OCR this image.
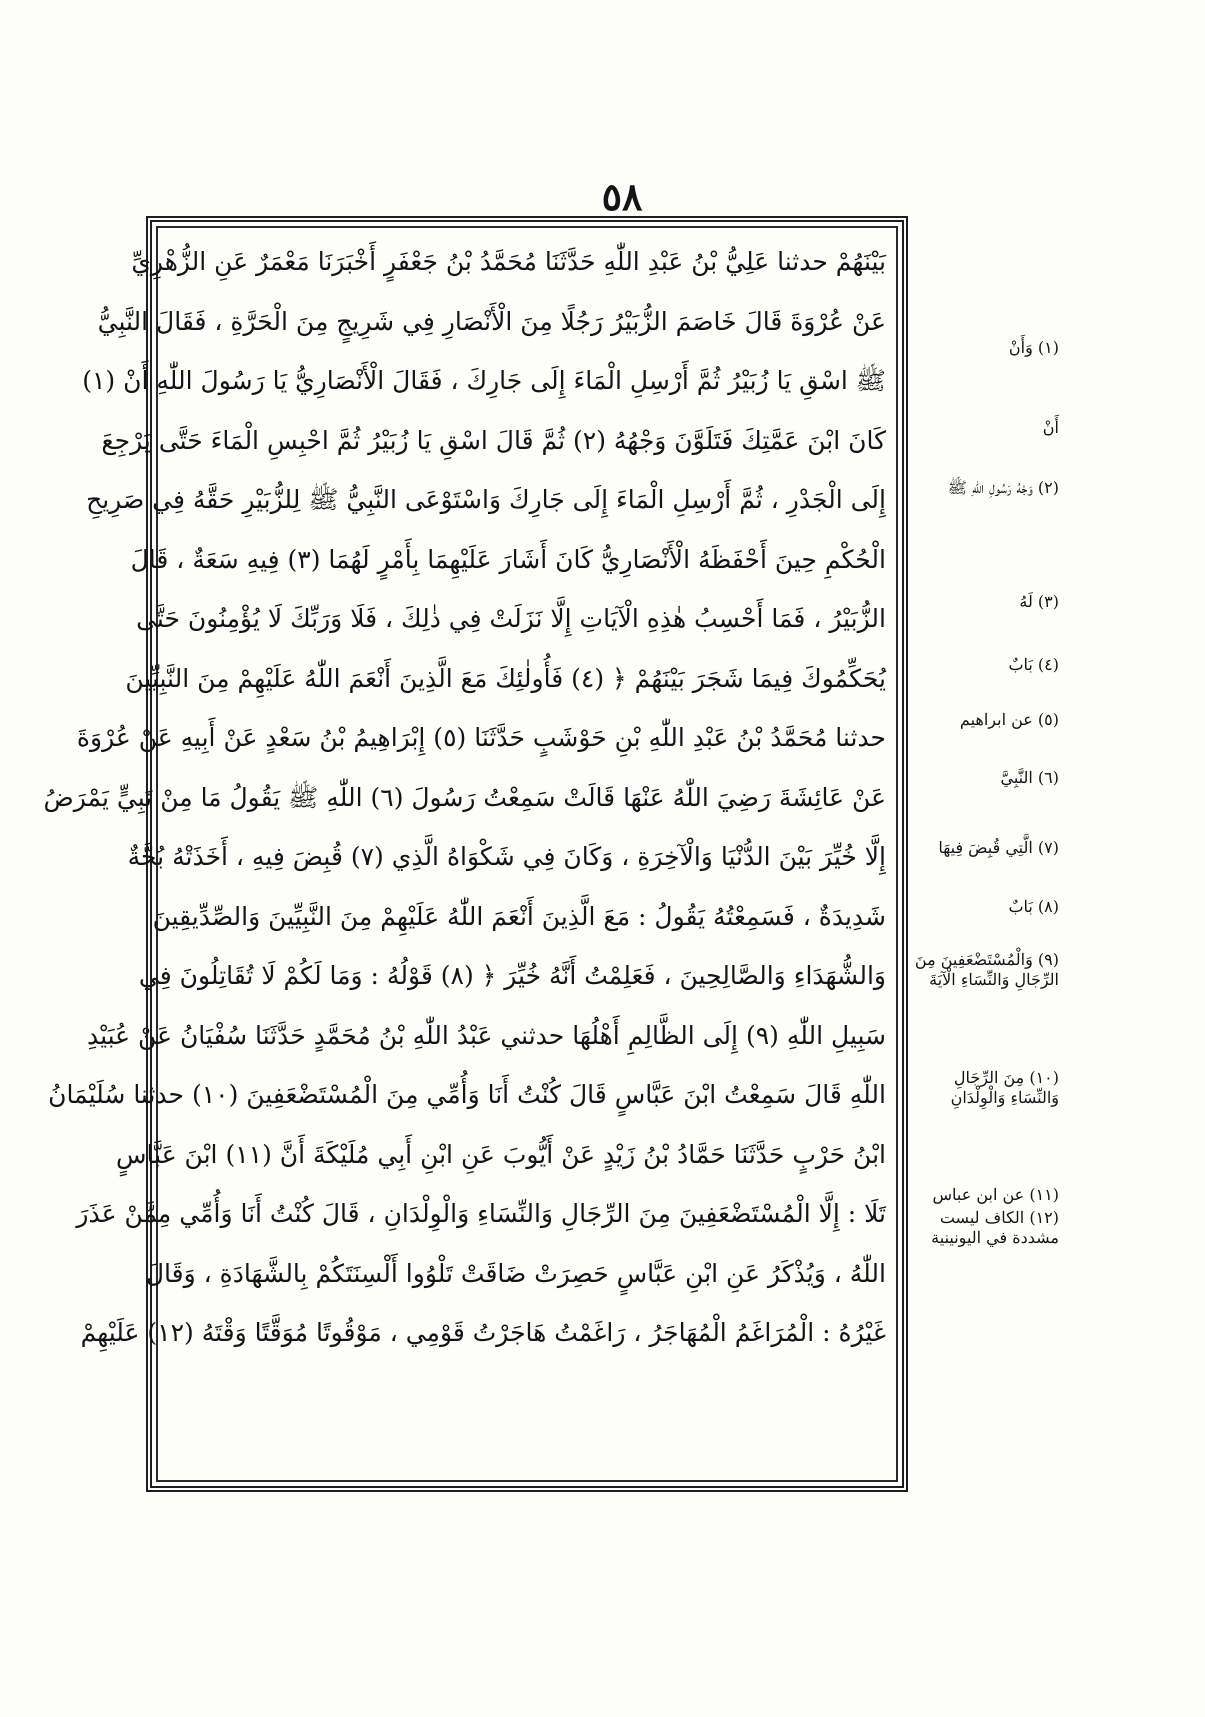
٥٨
بَيْنَهُمْ حدثنا عَلِيُّ بْنُ عَبْدِ اللّٰهِ حَدَّثَنَا مُحَمَّدُ بْنُ جَعْفَرٍ أَخْبَرَنَا مَعْمَرٌ عَنِ الزُّهْرِيِّ
عَنْ عُرْوَةَ قَالَ خَاصَمَ الزُّبَيْرُ رَجُلًا مِنَ الْأَنْصَارِ فِي شَرِيجٍ مِنَ الْحَرَّةِ ، فَقَالَ النَّبِيُّ
ﷺ اسْقِ يَا زُبَيْرُ ثُمَّ أَرْسِلِ الْمَاءَ إِلَى جَارِكَ ، فَقَالَ الْأَنْصَارِيُّ يَا رَسُولَ اللّٰهِ أَنْ (١)
كَانَ ابْنَ عَمَّتِكَ فَتَلَوَّنَ وَجْهُهُ (٢) ثُمَّ قَالَ اسْقِ يَا زُبَيْرُ ثُمَّ احْبِسِ الْمَاءَ حَتَّى يَرْجِعَ
إِلَى الْجَدْرِ ، ثُمَّ أَرْسِلِ الْمَاءَ إِلَى جَارِكَ وَاسْتَوْعَى النَّبِيُّ ﷺ لِلزُّبَيْرِ حَقَّهُ فِي صَرِيحِ
الْحُكْمِ حِينَ أَحْفَظَهُ الْأَنْصَارِيُّ كَانَ أَشَارَ عَلَيْهِمَا بِأَمْرٍ لَهُمَا (٣) فِيهِ سَعَةٌ ، قَالَ
الزُّبَيْرُ ، فَمَا أَحْسِبُ هٰذِهِ الْآيَاتِ إِلَّا نَزَلَتْ فِي ذٰلِكَ ، فَلَا وَرَبِّكَ لَا يُؤْمِنُونَ حَتَّى
يُحَكِّمُوكَ فِيمَا شَجَرَ بَيْنَهُمْ ﴿ (٤) فَأُولٰئِكَ مَعَ الَّذِينَ أَنْعَمَ اللّٰهُ عَلَيْهِمْ مِنَ النَّبِيِّينَ
حدثنا مُحَمَّدُ بْنُ عَبْدِ اللّٰهِ بْنِ حَوْشَبٍ حَدَّثَنَا (٥) إِبْرَاهِيمُ بْنُ سَعْدٍ عَنْ أَبِيهِ عَنْ عُرْوَةَ
عَنْ عَائِشَةَ رَضِيَ اللّٰهُ عَنْهَا قَالَتْ سَمِعْتُ رَسُولَ (٦) اللّٰهِ ﷺ يَقُولُ مَا مِنْ نَبِيٍّ يَمْرَضُ
إِلَّا خُيِّرَ بَيْنَ الدُّنْيَا وَالْآخِرَةِ ، وَكَانَ فِي شَكْوَاهُ الَّذِي (٧) قُبِضَ فِيهِ ، أَخَذَتْهُ بُحَّةٌ
شَدِيدَةٌ ، فَسَمِعْتُهُ يَقُولُ : مَعَ الَّذِينَ أَنْعَمَ اللّٰهُ عَلَيْهِمْ مِنَ النَّبِيِّينَ وَالصِّدِّيقِينَ
وَالشُّهَدَاءِ وَالصَّالِحِينَ ، فَعَلِمْتُ أَنَّهُ خُيِّرَ ﴿ (٨) قَوْلُهُ : وَمَا لَكُمْ لَا تُقَاتِلُونَ فِي
سَبِيلِ اللّٰهِ (٩) إِلَى الظَّالِمِ أَهْلُهَا حدثني عَبْدُ اللّٰهِ بْنُ مُحَمَّدٍ حَدَّثَنَا سُفْيَانُ عَنْ عُبَيْدِ
اللّٰهِ قَالَ سَمِعْتُ ابْنَ عَبَّاسٍ قَالَ كُنْتُ أَنَا وَأُمِّي مِنَ الْمُسْتَضْعَفِينَ (١٠) حدثنا سُلَيْمَانُ
ابْنُ حَرْبٍ حَدَّثَنَا حَمَّادُ بْنُ زَيْدٍ عَنْ أَيُّوبَ عَنِ ابْنِ أَبِي مُلَيْكَةَ أَنَّ (١١) ابْنَ عَبَّاسٍ
تَلَا : إِلَّا الْمُسْتَضْعَفِينَ مِنَ الرِّجَالِ وَالنِّسَاءِ وَالْوِلْدَانِ ، قَالَ كُنْتُ أَنَا وَأُمِّي مِمَّنْ عَذَرَ
اللّٰهُ ، وَيُذْكَرُ عَنِ ابْنِ عَبَّاسٍ حَصِرَتْ ضَاقَتْ تَلْوُوا أَلْسِنَتَكُمْ بِالشَّهَادَةِ ، وَقَالَ
غَيْرُهُ : الْمُرَاغَمُ الْمُهَاجَرُ ، رَاغَمْتُ هَاجَرْتُ قَوْمِي ، مَوْقُوتًا مُوَقَّتًا وَقْتَهُ (١٢) عَلَيْهِمْ
(١) وَأَنْ
أَنْ
(٢) وَجْهُ رَسُولِ اللّٰهِ ﷺ
(٣) لَهُ
(٤) بَابٌ
(٥) عن ابراهيم
(٦) النَّبِيَّ
(٧) الَّتِي قُبِضَ فِيهَا
(٨) بَابٌ
(٩) وَالْمُسْتَضْعَفِينَ مِنَ الرِّجَالِ وَالنِّسَاءِ الْآيَةَ
(١٠) مِنَ الرِّجَالِ وَالنِّسَاءِ وَالْوِلْدَانِ
(١١) عن ابن عباس
(١٢) الكاف ليست مشددة في اليونينية
